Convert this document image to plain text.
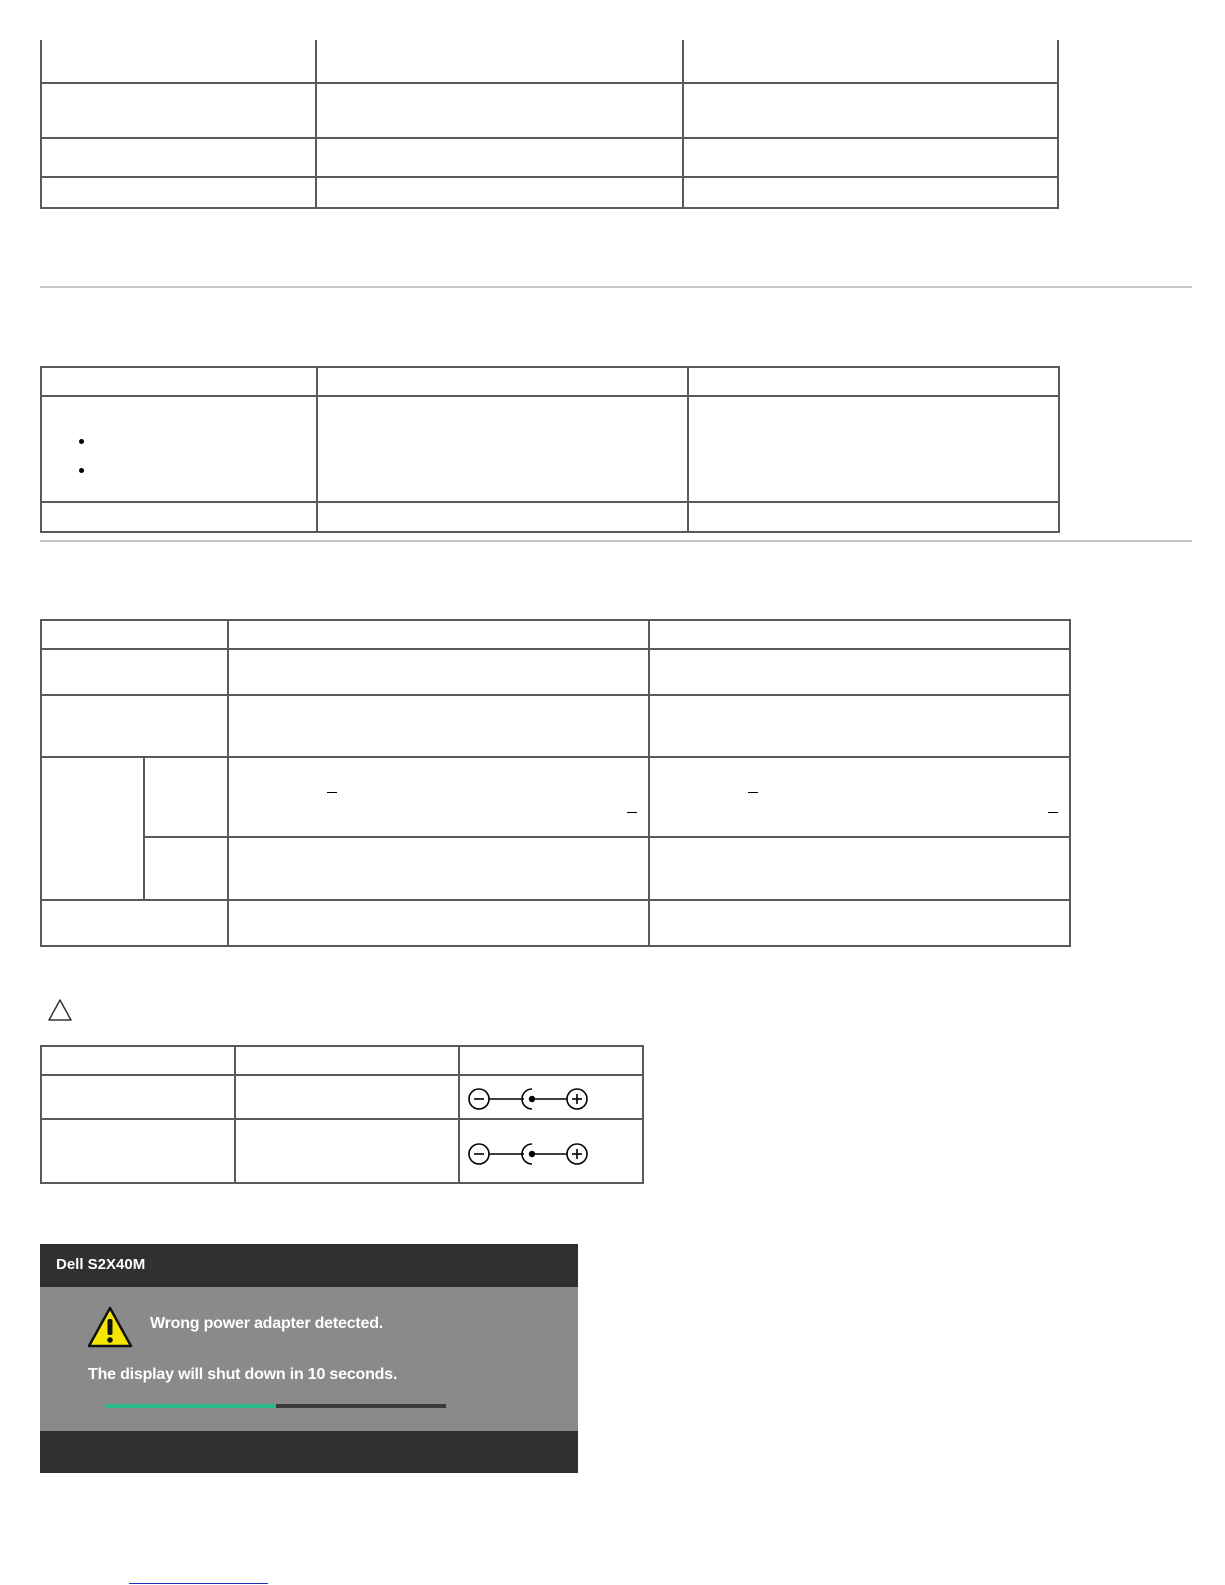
Dell S2X40M
Wrong power adapter detected.
The display will shut down in 10 seconds.
